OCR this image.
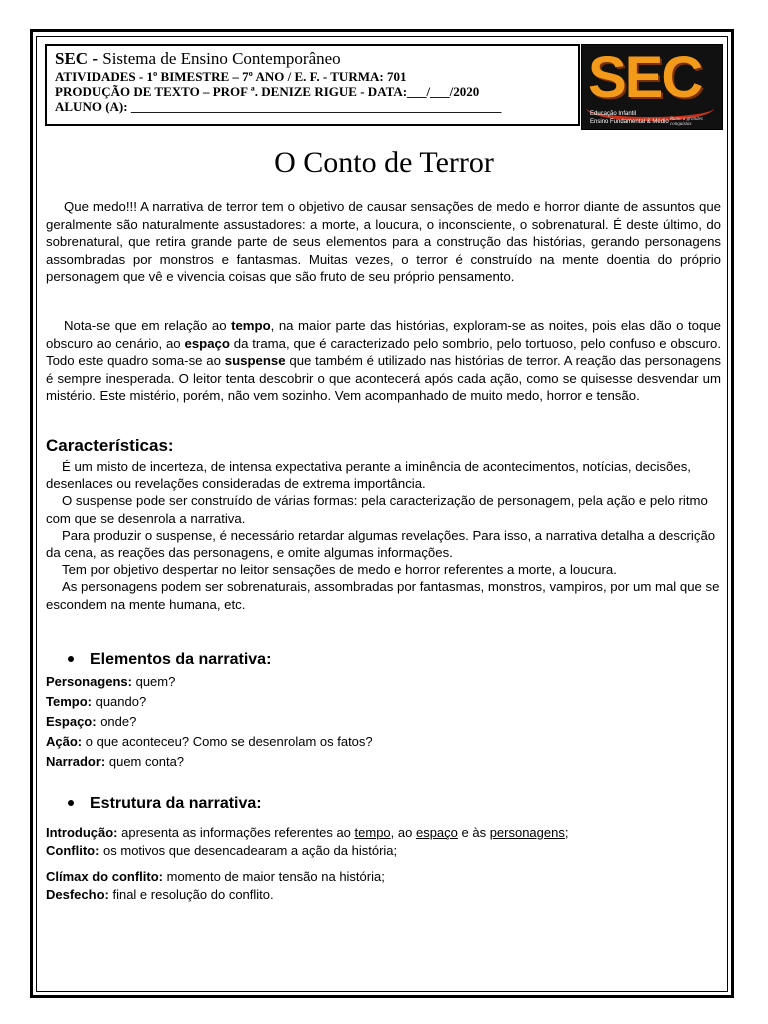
SEC - Sistema de Ensino Contemporâneo
ATIVIDADES - 1º BIMESTRE – 7º ANO / E. F. - TURMA: 701
PRODUÇÃO DE TEXTO – PROF ª. DENIZE RIGUE - DATA:___/___/2020
ALUNO (A): _________________________________________________________	SEC
Educação Infantil
Ensino Fundamental & Médio Rumo a grandes conquistas
O Conto de Terror

Que medo!!! A narrativa de terror tem o objetivo de causar sensações de medo e horror diante de assuntos que geralmente são naturalmente assustadores: a morte, a loucura, o inconsciente, o sobrenatural. É deste último, do sobrenatural, que retira grande parte de seus elementos para a construção das histórias, gerando personagens assombradas por monstros e fantasmas. Muitas vezes, o terror é construído na mente doentia do próprio personagem que vê e vivencia coisas que são fruto de seu próprio pensamento.

Nota-se que em relação ao tempo, na maior parte das histórias, exploram-se as noites, pois elas dão o toque obscuro ao cenário, ao espaço da trama, que é caracterizado pelo sombrio, pelo tortuoso, pelo confuso e obscuro. Todo este quadro soma-se ao suspense que também é utilizado nas histórias de terror. A reação das personagens é sempre inesperada. O leitor tenta descobrir o que acontecerá após cada ação, como se quisesse desvendar um mistério. Este mistério, porém, não vem sozinho. Vem acompanhado de muito medo, horror e tensão.

Características:

É um misto de incerteza, de intensa expectativa perante a iminência de acontecimentos, notícias, decisões, desenlaces ou revelações consideradas de extrema importância.

O suspense pode ser construído de várias formas: pela caracterização de personagem, pela ação e pelo ritmo com que se desenrola a narrativa.

Para produzir o suspense, é necessário retardar algumas revelações. Para isso, a narrativa detalha a descrição da cena, as reações das personagens, e omite algumas informações.

Tem por objetivo despertar no leitor sensações de medo e horror referentes a morte, a loucura.

As personagens podem ser sobrenaturais, assombradas por fantasmas, monstros, vampiros, por um mal que se escondem na mente humana, etc.

Elementos da narrativa:
Personagens: quem?
Tempo: quando?
Espaço: onde?
Ação: o que aconteceu? Como se desenrolam os fatos?
Narrador: quem conta?
Estrutura da narrativa:
Introdução: apresenta as informações referentes ao tempo, ao espaço e às personagens;
Conflito: os motivos que desencadearam a ação da história;
Clímax do conflito: momento de maior tensão na história;
Desfecho: final e resolução do conflito.
